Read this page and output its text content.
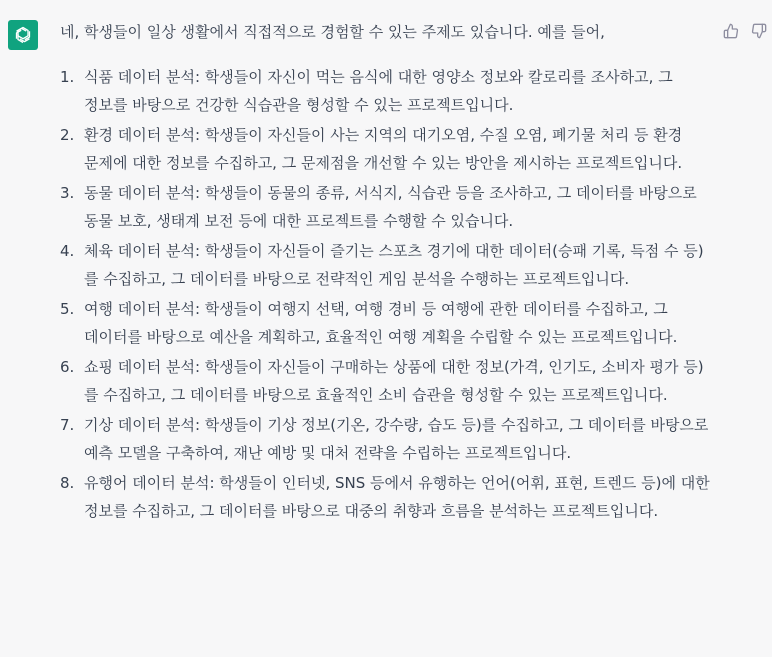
네, 학생들이 일상 생활에서 직접적으로 경험할 수 있는 주제도 있습니다. 예를 들어,

1. 식품 데이터 분석: 학생들이 자신이 먹는 음식에 대한 영양소 정보와 칼로리를 조사하고, 그 정보를 바탕으로 건강한 식습관을 형성할 수 있는 프로젝트입니다.
2. 환경 데이터 분석: 학생들이 자신들이 사는 지역의 대기오염, 수질 오염, 폐기물 처리 등 환경 문제에 대한 정보를 수집하고, 그 문제점을 개선할 수 있는 방안을 제시하는 프로젝트입니다.
3. 동물 데이터 분석: 학생들이 동물의 종류, 서식지, 식습관 등을 조사하고, 그 데이터를 바탕으로 동물 보호, 생태계 보전 등에 대한 프로젝트를 수행할 수 있습니다.
4. 체육 데이터 분석: 학생들이 자신들이 즐기는 스포츠 경기에 대한 데이터(승패 기록, 득점 수 등)를 수집하고, 그 데이터를 바탕으로 전략적인 게임 분석을 수행하는 프로젝트입니다.
5. 여행 데이터 분석: 학생들이 여행지 선택, 여행 경비 등 여행에 관한 데이터를 수집하고, 그 데이터를 바탕으로 예산을 계획하고, 효율적인 여행 계획을 수립할 수 있는 프로젝트입니다.
6. 쇼핑 데이터 분석: 학생들이 자신들이 구매하는 상품에 대한 정보(가격, 인기도, 소비자 평가 등)를 수집하고, 그 데이터를 바탕으로 효율적인 소비 습관을 형성할 수 있는 프로젝트입니다.
7. 기상 데이터 분석: 학생들이 기상 정보(기온, 강수량, 습도 등)를 수집하고, 그 데이터를 바탕으로 예측 모델을 구축하여, 재난 예방 및 대처 전략을 수립하는 프로젝트입니다.
8. 유행어 데이터 분석: 학생들이 인터넷, SNS 등에서 유행하는 언어(어휘, 표현, 트렌드 등)에 대한 정보를 수집하고, 그 데이터를 바탕으로 대중의 취향과 흐름을 분석하는 프로젝트입니다.
